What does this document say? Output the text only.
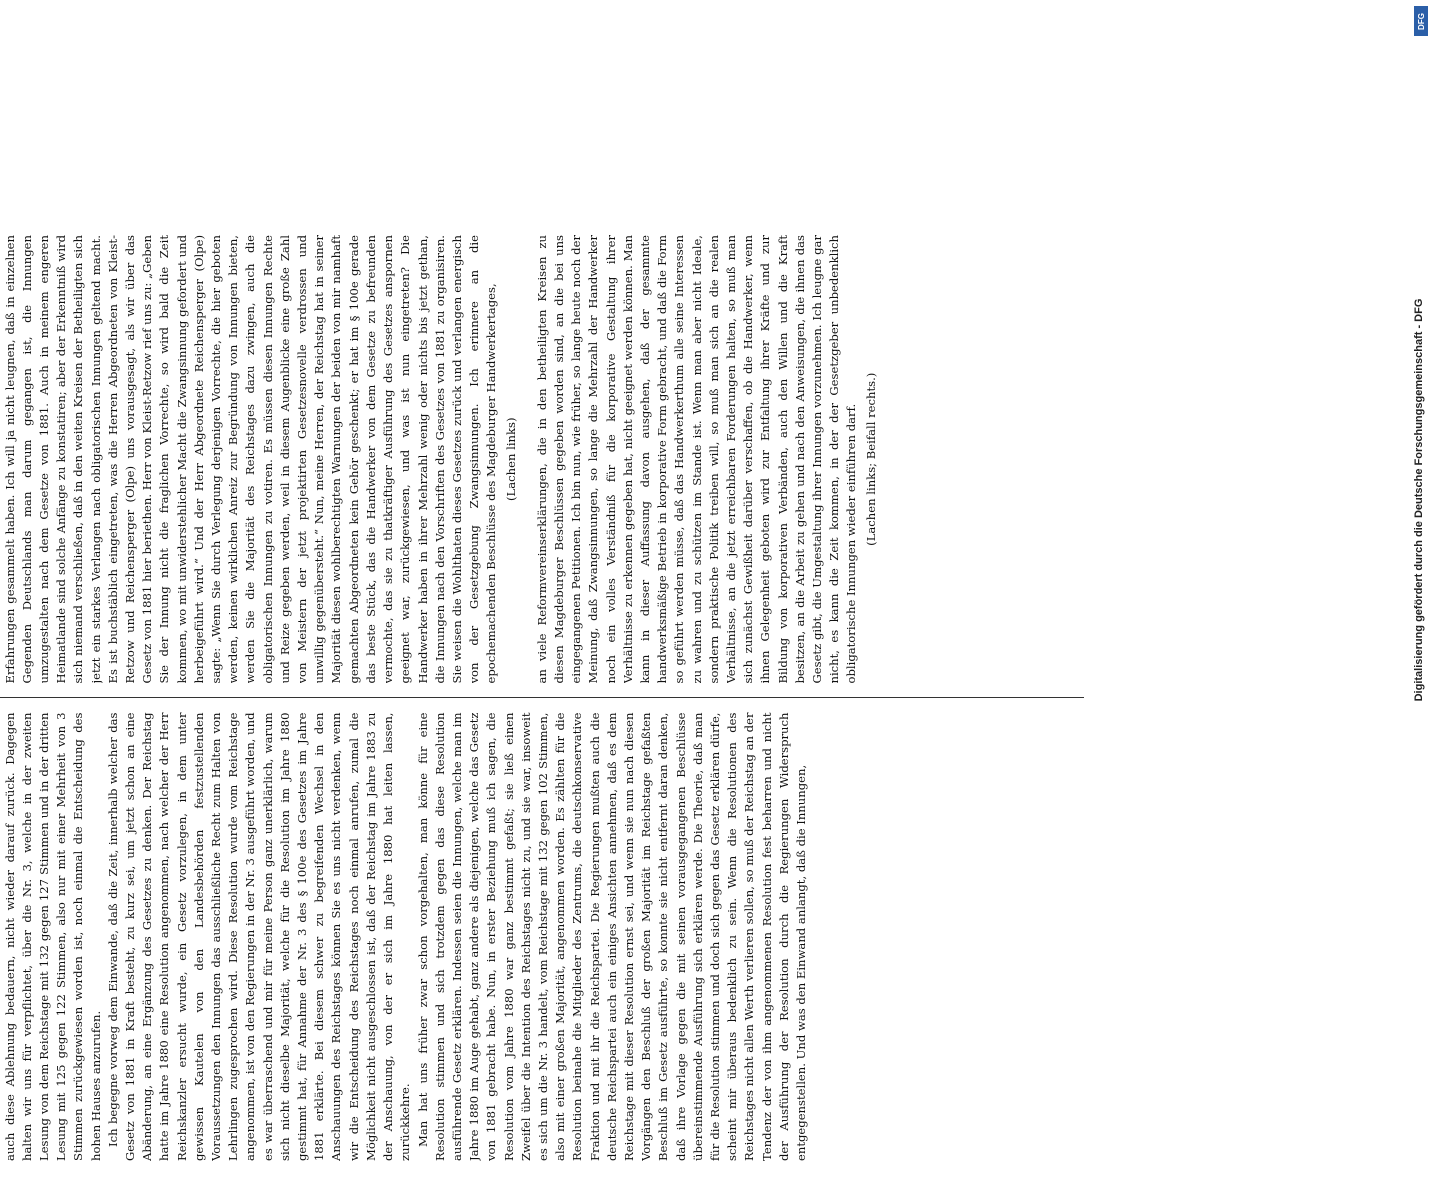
auch diese Ablehnung bedauern, nicht wieder darauf zurück. Dagegen halten wir uns für verpflichtet, über die Nr. 3, welche in der zweiten Lesung von dem Reichstage mit 132 gegen 127 Stimmen und in der dritten Lesung mit 125 gegen 122 Stimmen, also nur mit einer Mehrheit von 3 Stimmen zurückgewiesen worden ist, noch einmal die Entscheidung des hohen Hauses anzurufen. Ich begegne vorweg dem Einwande, daß die Zeit, innerhalb welcher das Gesetz von 1881 in Kraft besteht, zu kurz sei, um jetzt schon an eine Abänderung, an eine Ergänzung des Gesetzes zu denken. Der Reichstag hatte im Jahre 1880 eine Resolution angenommen, nach welcher der Herr Reichskanzler ersucht wurde, ein Gesetz vorzulegen, in dem unter gewissen Kautelen von den Landesbehörden festzustellenden Voraussetzungen den Innungen das ausschließliche Recht zum Halten von Lehrlingen zugesprochen wird. Diese Resolution wurde vom Reichstage angenommen, ist von den Regierungen in der Nr. 3 ausgeführt worden, und es war überraschend und mir für meine Person ganz unerklärlich, warum sich nicht dieselbe Majorität, welche für die Resolution im Jahre 1880 gestimmt hat, für Annahme der Nr. 3 des § 100e des Gesetzes im Jahre 1881 erklärte. Bei diesem schwer zu begreifenden Wechsel in den Anschauungen des Reichstages können Sie es uns nicht verdenken, wenn wir die Entscheidung des Reichstages noch einmal anrufen, zumal die Möglichkeit nicht ausgeschlossen ist, daß der Reichstag im Jahre 1883 zu der Anschauung, von der er sich im Jahre 1880 hat leiten lassen, zurückkehre. Man hat uns früher zwar schon vorgehalten, man könne für eine Resolution stimmen und sich trotzdem gegen das diese Resolution ausführende Gesetz erklären. Indessen seien die Innungen, welche man im Jahre 1880 im Auge gehabt, ganz andere als diejenigen, welche das Gesetz von 1881 gebracht habe. Nun, in erster Beziehung muß ich sagen, die Resolution vom Jahre 1880 war ganz bestimmt gefaßt; sie ließ einen Zweifel über die Intention des Reichstages nicht zu, und sie war, insoweit es sich um die Nr. 3 handelt, vom Reichstage mit 132 gegen 102 Stimmen, also mit einer großen Majorität, angenommen worden. Es zählten für die Resolution beinahe die Mitglieder des Zentrums, die deutschkonservative Fraktion und mit ihr die Reichspartei. Die Regierungen mußten auch die deutsche Reichspartei auch ein einiges Ansichten annehmen, daß es dem Reichstage mit dieser Resolution ernst sei, und wenn sie nun nach diesen Vorgängen den Beschluß der großen Majorität im Reichstage gefaßten Beschluß im Gesetz ausführte, so konnte sie nicht entfernt daran denken, daß ihre Vorlage gegen die mit seinen vorausgegangenen Beschlüsse übereinstimmende Ausführung sich erklären werde. Die Theorie, daß man für die Resolution stimmen und doch sich gegen das Gesetz erklären dürfe, scheint mir überaus bedenklich zu sein. Wenn die Resolutionen des Reichstages nicht allen Werth verlieren sollen, so muß der Reichstag an der Tendenz der von ihm angenommenen Resolution fest beharren und nicht der Ausführung der Resolution durch die Regierungen Widerspruch entgegenstellen. Und was den Einwand anlangt, daß die Innungen,

Erfahrungen gesammelt haben. Ich will ja nicht leugnen, daß in einzelnen Gegenden Deutschlands man darum gegangen ist, die Innungen umzugestalten nach dem Gesetze von 1881. Auch in meinem engeren Heimatlande sind solche Anfänge zu konstatiren; aber der Erkenntniß wird sich niemand verschließen, daß in den weiten Kreisen der Betheiligten sich jetzt ein starkes Verlangen nach obligatorischen Innungen geltend macht. Es ist buchstäblich eingetreten, was die Herren Abgeordneten von Kleist-Retzow und Reichensperger (Olpe) uns vorausgesagt, als wir über das Gesetz von 1881 hier beriethen. Herr von Kleist-Retzow rief uns zu: „Geben Sie der Innung nicht die fraglichen Vorrechte, so wird bald die Zeit kommen, wo mit unwiderstehlicher Macht die Zwangsinnung gefordert und herbeigeführt wird.“ Und der Herr Abgeordnete Reichensperger (Olpe) sagte: „Wenn Sie durch Verlegung derjenigen Vorrechte, die hier geboten werden, keinen wirklichen Anreiz zur Begründung von Innungen bieten, werden Sie die Majorität des Reichstages dazu zwingen, auch die obligatorischen Innungen zu votiren. Es müssen diesen Innungen Rechte und Reize gegeben werden, weil in diesem Augenblicke eine große Zahl von Meistern der jetzt projektirten Gesetzesnovelle verdrossen und unwillig gegenübersteht.“ Nun, meine Herren, der Reichstag hat in seiner Majorität diesen wohlberechtigten Warnungen der beiden von mir namhaft gemachten Abgeordneten kein Gehör geschenkt; er hat im § 100e gerade das beste Stück, das die Handwerker von dem Gesetze zu befreunden vermochte, das sie zu thatkräftiger Ausführung des Gesetzes anspornen geeignet war, zurückgewiesen, und was ist nun eingetreten? Die Handwerker haben in ihrer Mehrzahl wenig oder nichts bis jetzt gethan, die Innungen nach den Vorschriften des Gesetzes von 1881 zu organisiren. Sie weisen die Wohlthaten dieses Gesetzes zurück und verlangen energisch von der Gesetzgebung Zwangsinnungen. Ich erinnere an die epochemachenden Beschlüsse des Magdeburger Handwerkertages,

(Lachen links) an viele Reformvereinserklärungen, die in den betheiligten Kreisen zu diesen Magdeburger Beschlüssen gegeben worden sind, an die bei uns eingegangenen Petitionen. Ich bin nun, wie früher, so lange heute noch der Meinung, daß Zwangsinnungen, so lange die Mehrzahl der Handwerker noch ein volles Verständniß für die korporative Gestaltung ihrer Verhältnisse zu erkennen gegeben hat, nicht geeignet werden können. Man kann in dieser Auffassung davon ausgehen, daß der gesammte handwerksmäßige Betrieb in korporative Form gebracht, und daß die Form so geführt werden müsse, daß das Handwerkerthum alle seine Interessen zu wahren und zu schützen im Stande ist. Wenn man aber nicht Ideale, sondern praktische Politik treiben will, so muß man sich an die realen Verhältnisse, an die jetzt erreichbaren Forderungen halten, so muß man sich zunächst Gewißheit darüber verschaffen, ob die Handwerker, wenn ihnen Gelegenheit geboten wird zur Entfaltung ihrer Kräfte und zur Bildung von korporativen Verbänden, auch den Willen und die Kraft besitzen, an die Arbeit zu gehen und nach den Anweisungen, die ihnen das Gesetz gibt, die Umgestaltung ihrer Innungen vorzunehmen. Ich leugne gar nicht, es kann die Zeit kommen, in der der Gesetzgeber unbedenklich obligatorische Innungen wieder einführen darf. (Lachen links; Beifall rechts.)	Digitalisierung gefördert durch die Deutsche Forschungsgemeinschaft - DFG
DFG
